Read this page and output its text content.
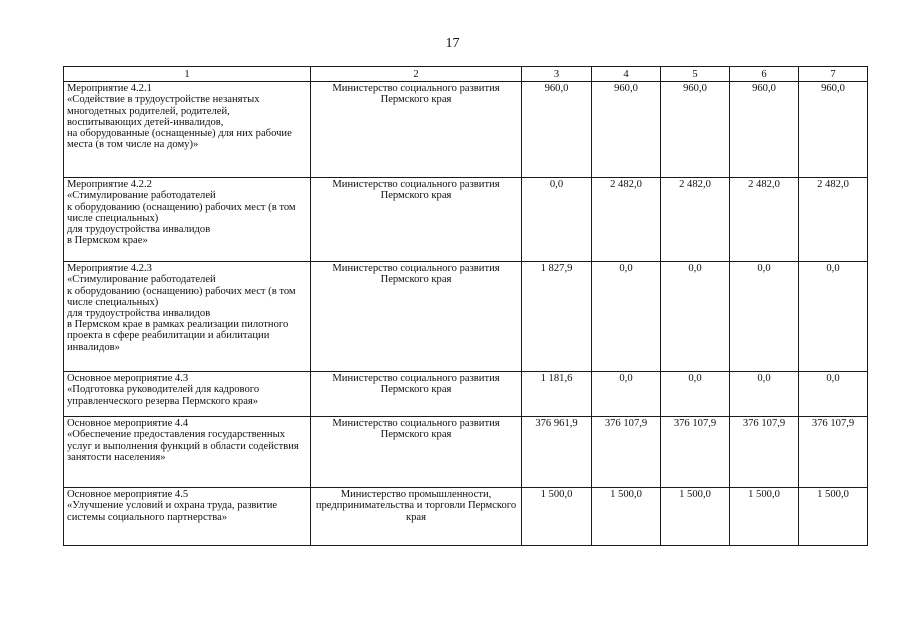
17
1	2	3	4	5	6	7
Мероприятие 4.2.1
«Содействие в трудоустройстве незанятых многодетных родителей, родителей, воспитывающих детей-инвалидов,
на оборудованные (оснащенные) для них рабочие места (в том числе на дому)»	Министерство социального развития Пермского края	960,0	960,0	960,0	960,0	960,0
Мероприятие 4.2.2
«Стимулирование работодателей
к оборудованию (оснащению) рабочих мест (в том числе специальных)
для трудоустройства инвалидов
в Пермском крае»	Министерство социального развития Пермского края	0,0	2 482,0	2 482,0	2 482,0	2 482,0
Мероприятие 4.2.3
«Стимулирование работодателей
к оборудованию (оснащению) рабочих мест (в том числе специальных)
для трудоустройства инвалидов
в Пермском крае в рамках реализации пилотного проекта в сфере реабилитации и абилитации инвалидов»	Министерство социального развития Пермского края	1 827,9	0,0	0,0	0,0	0,0
Основное мероприятие 4.3
«Подготовка руководителей для кадрового управленческого резерва Пермского края»	Министерство социального развития Пермского края	1 181,6	0,0	0,0	0,0	0,0
Основное мероприятие 4.4
«Обеспечение предоставления государственных услуг и выполнения функций в области содействия занятости населения»	Министерство социального развития Пермского края	376 961,9	376 107,9	376 107,9	376 107,9	376 107,9
Основное мероприятие 4.5
«Улучшение условий и охрана труда, развитие системы социального партнерства»	Министерство промышленности, предпринимательства и торговли Пермского края	1 500,0	1 500,0	1 500,0	1 500,0	1 500,0
